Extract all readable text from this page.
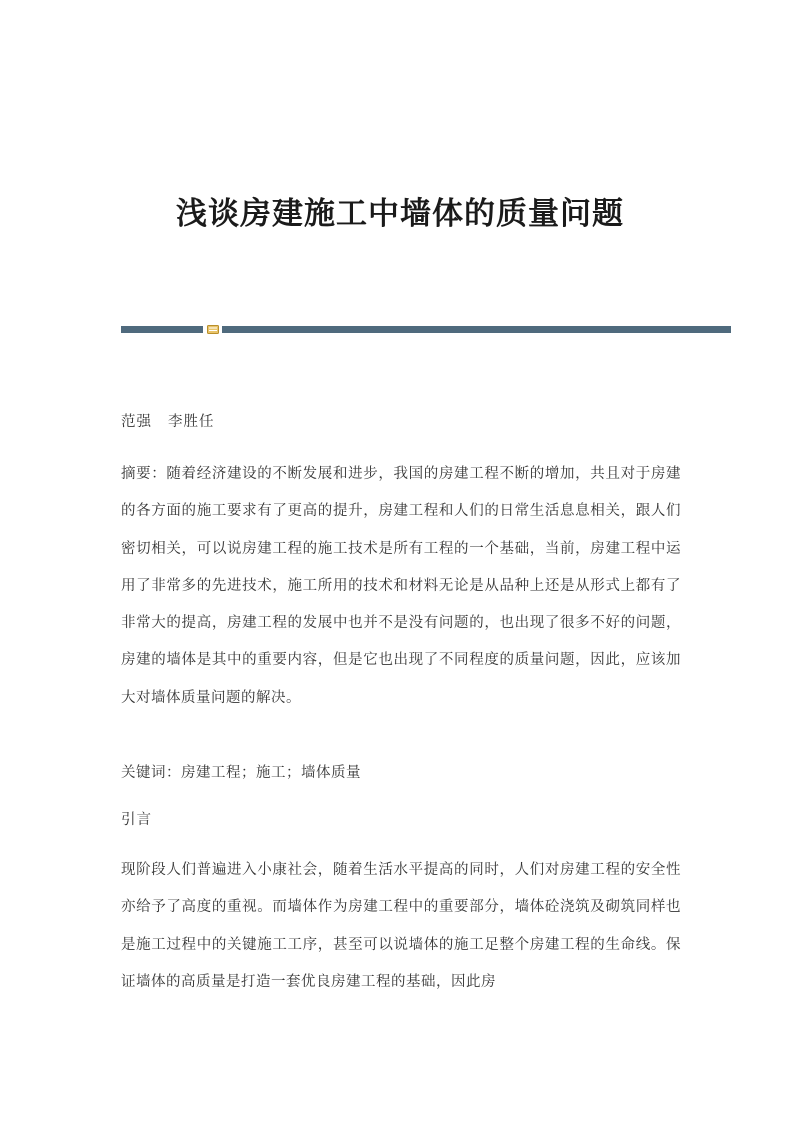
浅谈房建施工中墙体的质量问题

范强 李胜任

摘要：随着经济建设的不断发展和进步，我国的房建工程不断的增加，共且对于房建的各方面的施工要求有了更高的提升，房建工程和人们的日常生活息息相关，跟人们密切相关，可以说房建工程的施工技术是所有工程的一个基础，当前，房建工程中运用了非常多的先进技术，施工所用的技术和材料无论是从品种上还是从形式上都有了非常大的提高，房建工程的发展中也并不是没有问题的，也出现了很多不好的问题，房建的墙体是其中的重要内容，但是它也出现了不同程度的质量问题，因此，应该加大对墙体质量问题的解决。

关键词：房建工程；施工；墙体质量

引言

现阶段人们普遍进入小康社会，随着生活水平提高的同时，人们对房建工程的安全性亦给予了高度的重视。而墙体作为房建工程中的重要部分，墙体砼浇筑及砌筑同样也是施工过程中的关键施工工序，甚至可以说墙体的施工足整个房建工程的生命线。保证墙体的高质量是打造一套优良房建工程的基础，因此房
